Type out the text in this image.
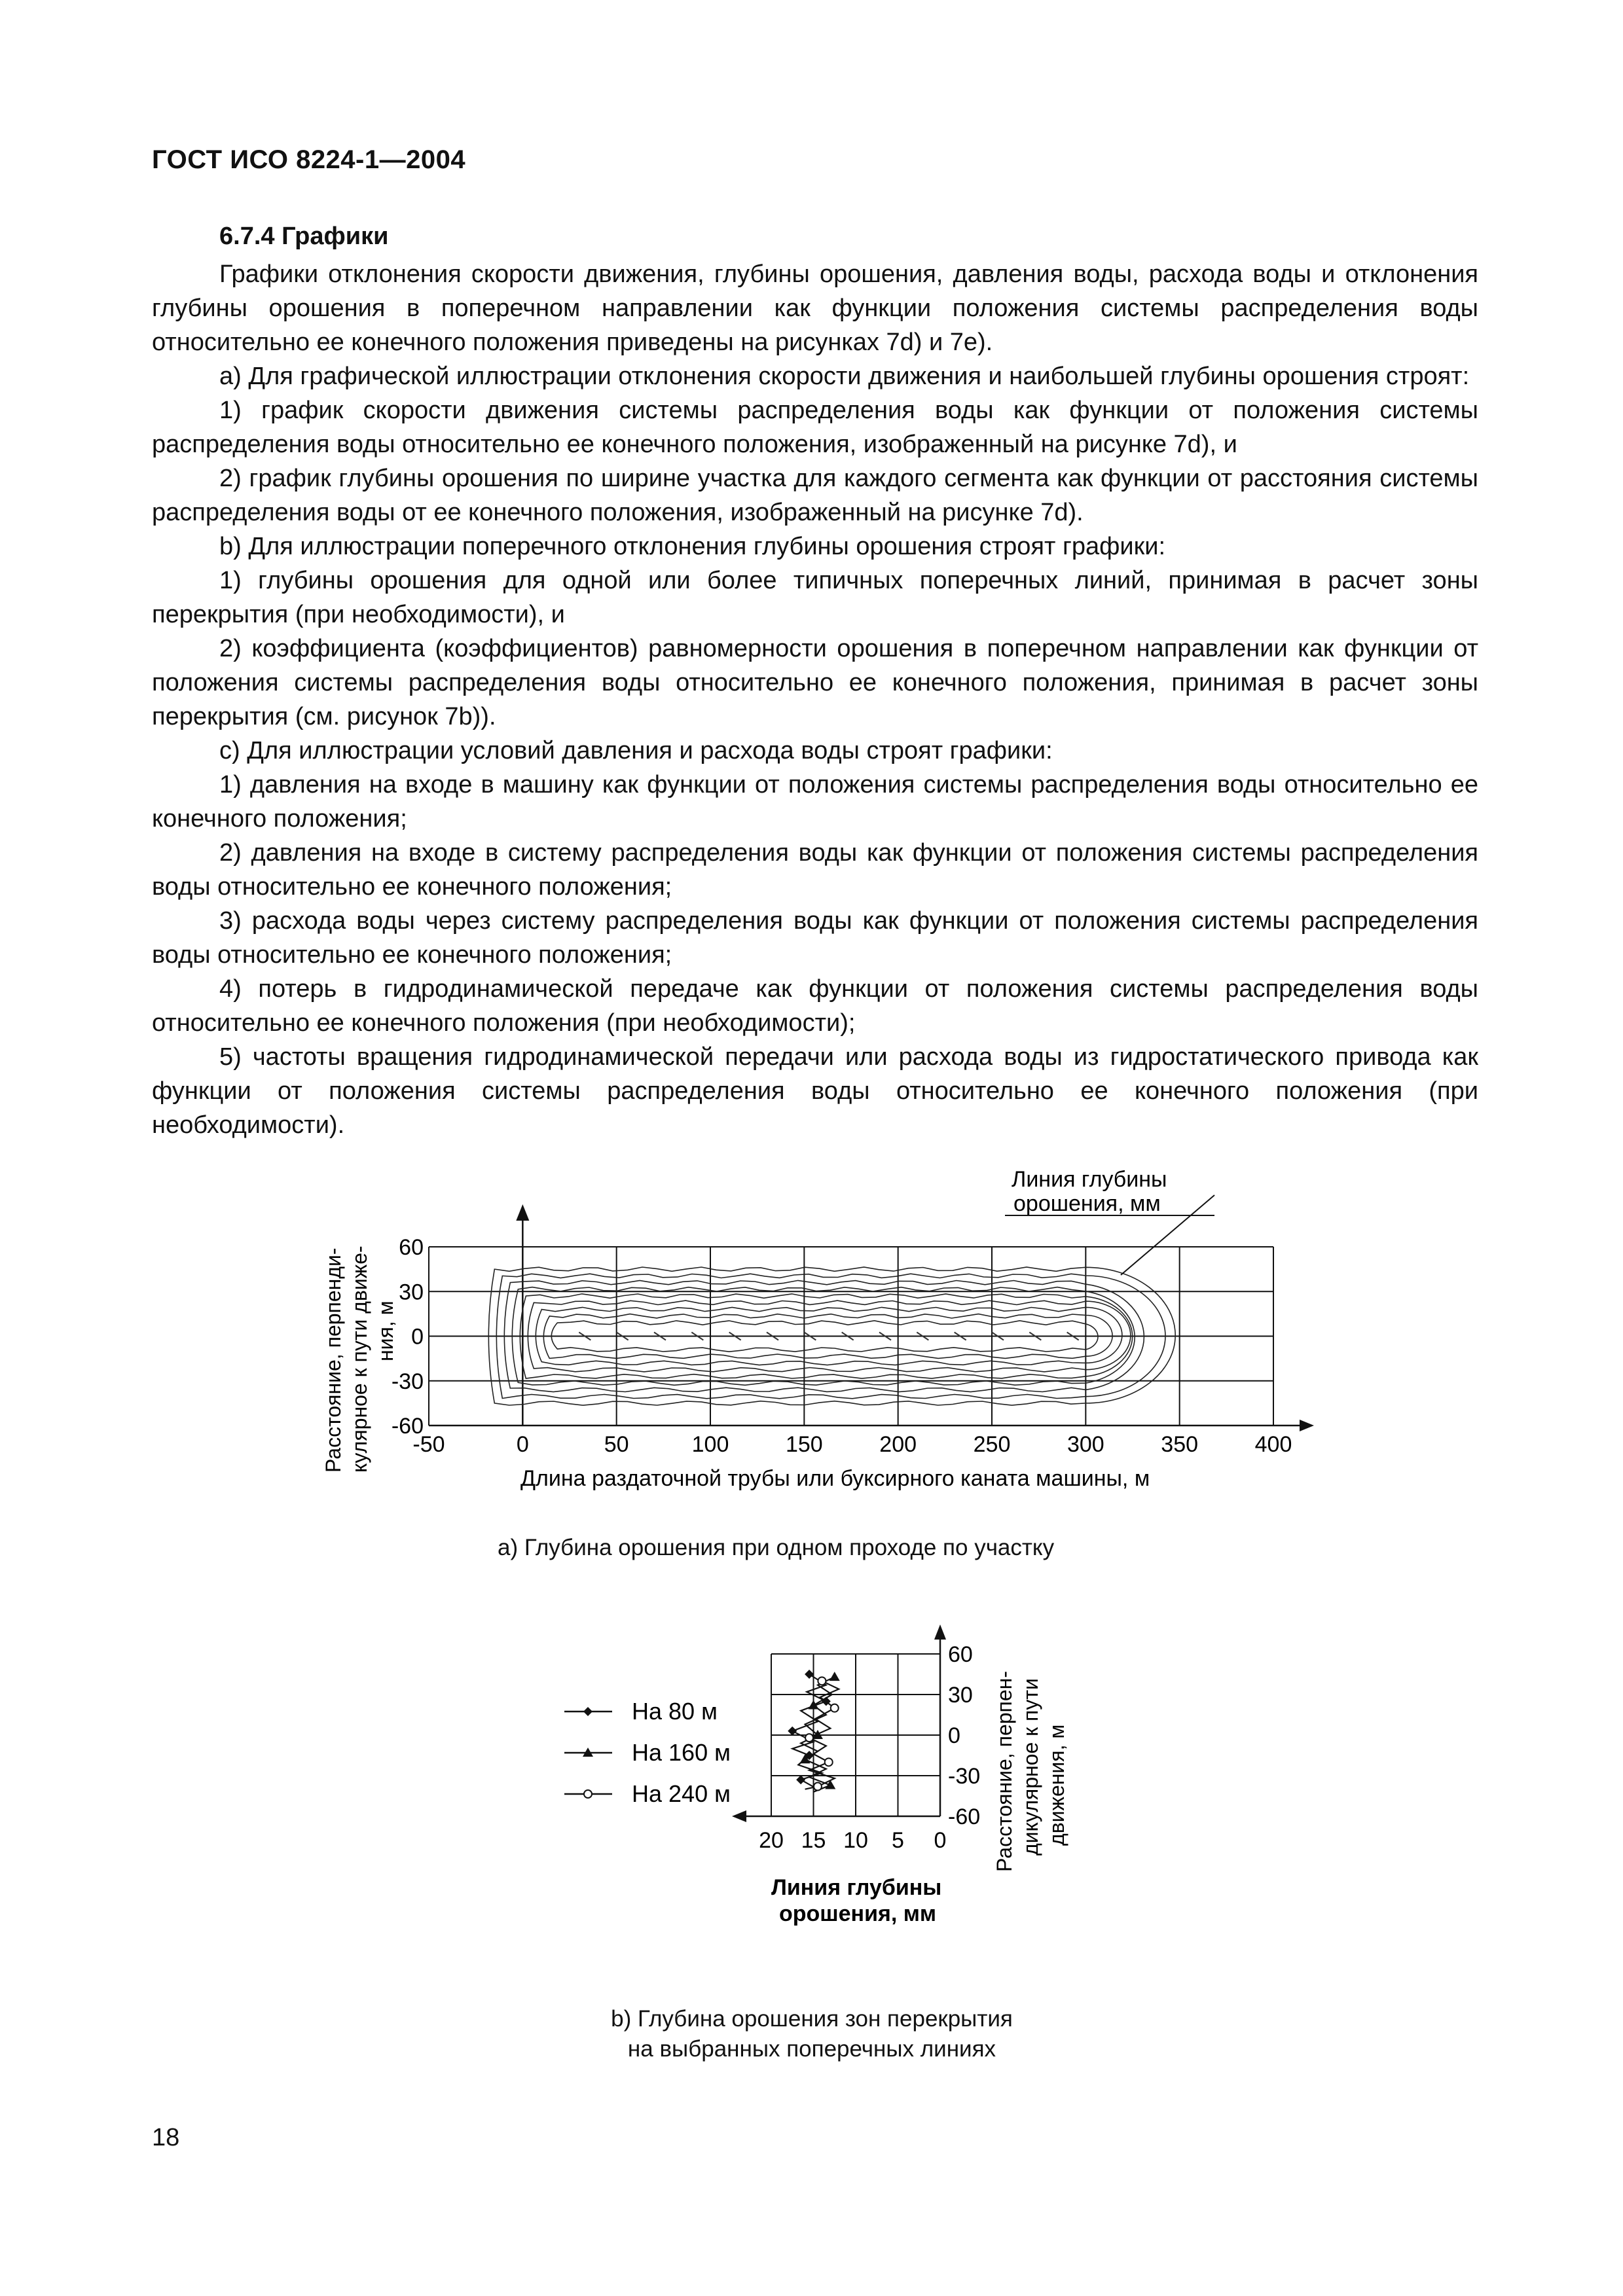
ГОСТ ИСО 8224-1—2004
6.7.4 Графики

Графики отклонения скорости движения, глубины орошения, давления воды, расхода воды и отклонения глубины орошения в поперечном направлении как функции положения системы распределения воды относительно ее конечного положения приведены на рисунках 7d) и 7e).

a) Для графической иллюстрации отклонения скорости движения и наибольшей глубины орошения строят:

1) график скорости движения системы распределения воды как функции от положения системы распределения воды относительно ее конечного положения, изображенный на рисунке 7d), и

2) график глубины орошения по ширине участка для каждого сегмента как функции от расстояния системы распределения воды от ее конечного положения, изображенный на рисунке 7d).

b) Для иллюстрации поперечного отклонения глубины орошения строят графики:

1) глубины орошения для одной или более типичных поперечных линий, принимая в расчет зоны перекрытия (при необходимости), и

2) коэффициента (коэффициентов) равномерности орошения в поперечном направлении как функции от положения системы распределения воды относительно ее конечного положения, принимая в расчет зоны перекрытия (см. рисунок 7b)).

c) Для иллюстрации условий давления и расхода воды строят графики:

1) давления на входе в машину как функции от положения системы распределения воды относительно ее конечного положения;

2) давления на входе в систему распределения воды как функции от положения системы распределения воды относительно ее конечного положения;

3) расхода воды через систему распределения воды как функции от положения системы распределения воды относительно ее конечного положения;

4) потерь в гидродинамической передаче как функции от положения системы распределения воды относительно ее конечного положения (при необходимости);

5) частоты вращения гидродинамической передачи или расхода воды из гидростатического привода как функции от положения системы распределения воды относительно ее конечного положения (при необходимости).

-50	0	50	100	150	200	250	300	350	400
60
30
0
-30
-60
Линия глубины
орошения, мм
Расстояние, перпенди- кулярное к пути движе- ния, м
Длина раздаточной трубы или буксирного каната машины, м
а) Глубина орошения при одном проходе по участку
20 15 10 5 0
60
30
0
-30
-60
На 80 м
На 160 м
На 240 м
Линия глубины
орошения, мм
Расстояние, перпен- дикулярное к пути движения, м
b) Глубина орошения зон перекрытия
на выбранных поперечных линиях
18
